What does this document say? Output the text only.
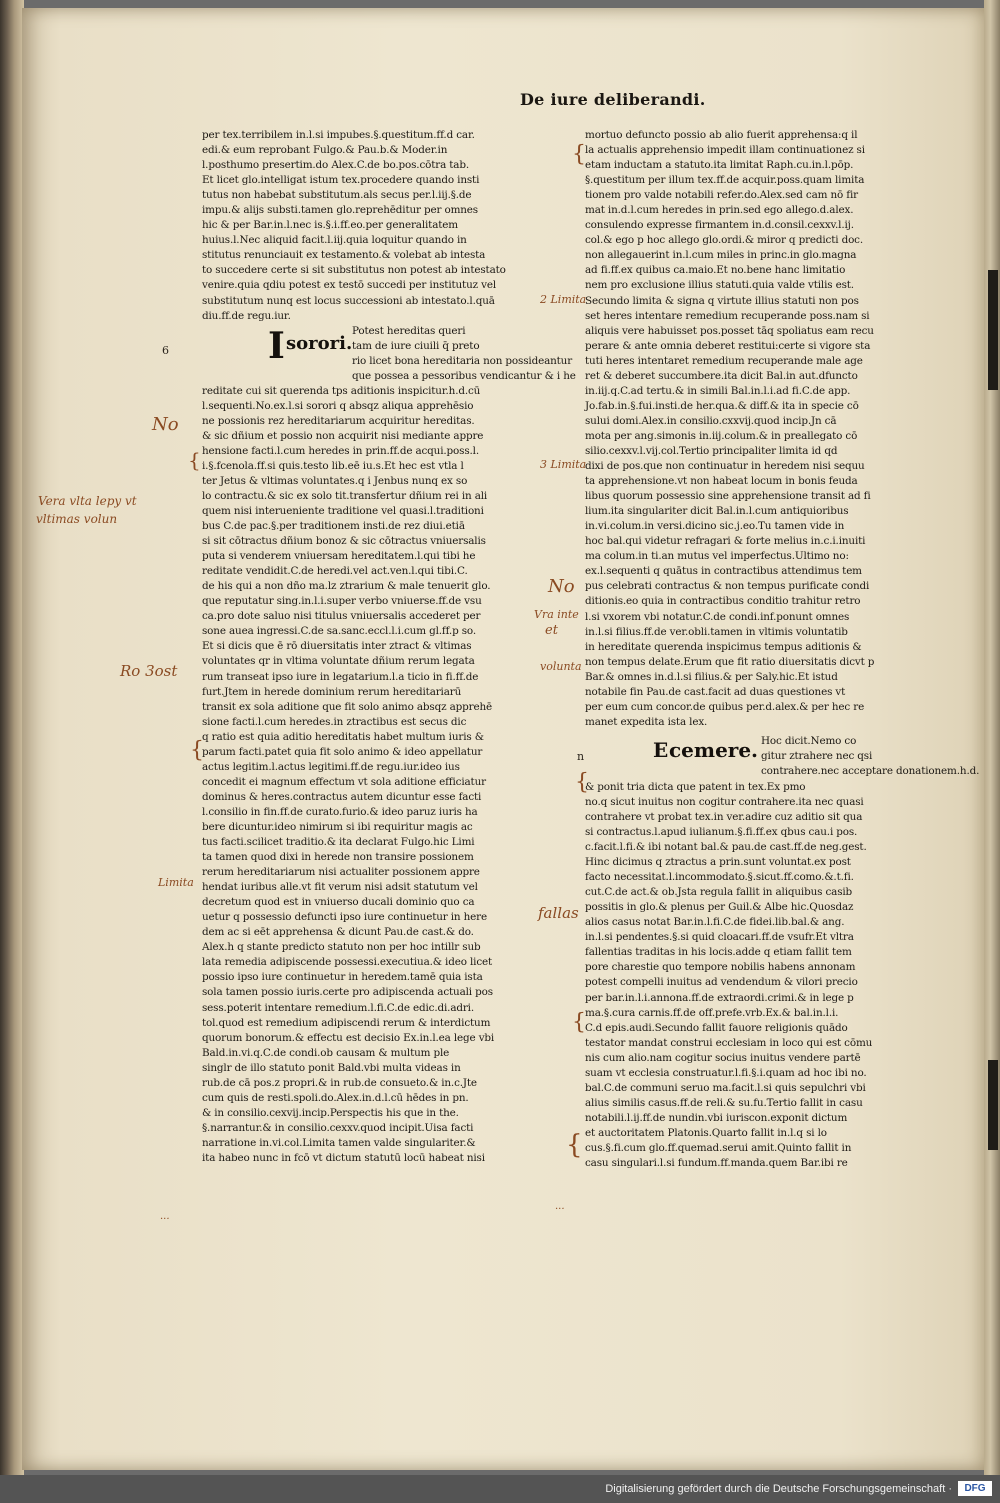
De iure deliberandi.
per tex.terribilem in.l.si impubes.§.questitum.ff.d car.
edi.& eum reprobant Fulgo.& Pau.b.& Moder.in
l.posthumo presertim.do Alex.C.de bo.pos.cōtra tab.
Et licet glo.intelligat istum tex.procedere quando insti
tutus non habebat substitutum.als secus per.l.iij.§.de
impu.& alijs substi.tamen glo.reprehēditur per omnes
hic & per Bar.in.l.nec is.§.i.ff.eo.per generalitatem
huius.l.Nec aliquid facit.l.iij.quia loquitur quando in
stitutus renunciauit ex testamento.& volebat ab intesta
to succedere certe si sit substitutus non potest ab intestato
venire.quia qdiu potest ex testō succedi per institutuz vel
substitutum nunq est locus successioni ab intestato.l.quā
diu.ff.de regu.iur.
6	I sorori.
Potest hereditas queri
tam de iure ciuili q̄ preto
rio licet bona hereditaria non possideantur
que possea a pessoribus vendicantur & i he
reditate cui sit querenda tps aditionis inspicitur.h.d.cū
l.sequenti.No.ex.l.si sorori q absqz aliqua apprehēsio
ne possionis rez hereditariarum acquiritur hereditas.
& sic dñium et possio non acquirit nisi mediante appre
hensione facti.l.cum heredes in prin.ff.de acqui.poss.l.
i.§.fcenola.ff.si quis.testo lib.eē iu.s.Et hec est vtla l
ter Jetus & vltimas voluntates.q i Jenbus nunq ex so
lo contractu.& sic ex solo tit.transfertur dñium rei in ali
quem nisi interueniente traditione vel quasi.l.traditioni
bus C.de pac.§.per traditionem insti.de rez diui.etiā
si sit cōtractus dñium bonoz & sic cōtractus vniuersalis
puta si venderem vniuersam hereditatem.l.qui tibi he
reditate vendidit.C.de heredi.vel act.ven.l.qui tibi.C.
de his qui a non dño ma.lz ztrarium & male tenuerit glo.
que reputatur sing.in.l.i.super verbo vniuerse.ff.de vsu
ca.pro dote saluo nisi titulus vniuersalis accederet per
sone auea ingressi.C.de sa.sanc.eccl.l.i.cum gl.ff.p so.
Et si dicis que ē rō diuersitatis inter ztract & vltimas
voluntates qr in vltima voluntate dñium rerum legata
rum transeat ipso iure in legatarium.l.a ticio in fi.ff.de
furt.Jtem in herede dominium rerum hereditariarū
transit ex sola aditione que fit solo animo absqz apprehē
sione facti.l.cum heredes.in ztractibus est secus dic
q ratio est quia aditio hereditatis habet multum iuris &
parum facti.patet quia fit solo animo & ideo appellatur
actus legitim.l.actus legitimi.ff.de regu.iur.ideo ius
concedit ei magnum effectum vt sola aditione efficiatur
dominus & heres.contractus autem dicuntur esse facti
l.consilio in fin.ff.de curato.furio.& ideo paruz iuris ha
bere dicuntur.ideo nimirum si ibi requiritur magis ac
tus facti.scilicet traditio.& ita declarat Fulgo.hic Limi
ta tamen quod dixi in herede non transire possionem
rerum hereditariarum nisi actualiter possionem appre
hendat iuribus alle.vt fit verum nisi adsit statutum vel
decretum quod est in vniuerso ducali dominio quo ca
uetur q possessio defuncti ipso iure continuetur in here
dem ac si eēt apprehensa & dicunt Pau.de cast.& do.
Alex.h q stante predicto statuto non per hoc intillr sub
lata remedia adipiscende possessi.executiua.& ideo licet
possio ipso iure continuetur in heredem.tamē quia ista
sola tamen possio iuris.certe pro adipiscenda actuali pos
sess.poterit intentare remedium.l.fi.C.de edic.di.adri.
tol.quod est remedium adipiscendi rerum & interdictum
quorum bonorum.& effectu est decisio Ex.in.l.ea lege vbi
Bald.in.vi.q.C.de condi.ob causam & multum ple
singlr de illo statuto ponit Bald.vbi multa videas in
rub.de cā pos.z propri.& in rub.de consueto.& in.c.Jte
cum quis de resti.spoli.do.Alex.in.d.l.cū hēdes in pn.
& in consilio.cexvij.incip.Perspectis his que in the.
§.narrantur.& in consilio.cexxv.quod incipit.Uisa facti
narratione in.vi.col.Limita tamen valde singulariter.&
ita habeo nunc in fcō vt dictum statutū locū habeat nisi
mortuo defuncto possio ab alio fuerit apprehensa:q il
la actualis apprehensio impedit illam continuationez si
etam inductam a statuto.ita limitat Raph.cu.in.l.pōp.
§.questitum per illum tex.ff.de acquir.poss.quam limita
tionem pro valde notabili refer.do.Alex.sed cam nō fir
mat in.d.l.cum heredes in prin.sed ego allego.d.alex.
consulendo expresse firmantem in.d.consil.cexxv.l.ij.
col.& ego p hoc allego glo.ordi.& miror q predicti doc.
non allegauerint in.l.cum miles in princ.in glo.magna
ad fi.ff.ex quibus ca.maio.Et no.bene hanc limitatio
nem pro exclusione illius statuti.quia valde vtilis est.
Secundo limita & signa q virtute illius statuti non pos
set heres intentare remedium recuperande poss.nam si
aliquis vere habuisset pos.posset tāq spoliatus eam recu
perare & ante omnia deberet restitui:certe si vigore sta
tuti heres intentaret remedium recuperande male age
ret & deberet succumbere.ita dicit Bal.in aut.dfuncto
in.iij.q.C.ad tertu.& in simili Bal.in.l.i.ad fi.C.de app.
Jo.fab.in.§.fui.insti.de her.qua.& diff.& ita in specie cō
sului domi.Alex.in consilio.cxxvij.quod incip.Jn cā
mota per ang.simonis in.iij.colum.& in preallegato cō
silio.cexxv.l.vij.col.Tertio principaliter limita id qd
dixi de pos.que non continuatur in heredem nisi sequu
ta apprehensione.vt non habeat locum in bonis feuda
libus quorum possessio sine apprehensione transit ad fi
lium.ita singulariter dicit Bal.in.l.cum antiquioribus
in.vi.colum.in versi.dicino sic.j.eo.Tu tamen vide in
hoc bal.qui videtur refragari & forte melius in.c.i.inuiti
ma colum.in ti.an mutus vel imperfectus.Ultimo no:
ex.l.sequenti q quātus in contractibus attendimus tem
pus celebrati contractus & non tempus purificate condi
ditionis.eo quia in contractibus conditio trahitur retro
l.si vxorem vbi notatur.C.de condi.inf.ponunt omnes
in.l.si filius.ff.de ver.obli.tamen in vltimis voluntatib
in hereditate querenda inspicimus tempus aditionis &
non tempus delate.Erum que fit ratio diuersitatis dicvt p
Bar.& omnes in.d.l.si filius.& per Saly.hic.Et istud
notabile fin Pau.de cast.facit ad duas questiones vt
per eum cum concor.de quibus per.d.alex.& per hec re
manet expedita ista lex.
n	E cemere. Hoc dicit.Nemo co
gitur ztrahere nec qsi
contrahere.nec acceptare donationem.h.d.
& ponit tria dicta que patent in tex.Ex pmo
no.q sicut inuitus non cogitur contrahere.ita nec quasi
contrahere vt probat tex.in ver.adire cuz aditio sit qua
si contractus.l.apud iulianum.§.fi.ff.ex qbus cau.i pos.
c.facit.l.fi.& ibi notant bal.& pau.de cast.ff.de neg.gest.
Hinc dicimus q ztractus a prin.sunt voluntat.ex post
facto necessitat.l.incommodato.§.sicut.ff.como.&.t.fi.
cut.C.de act.& ob.Jsta regula fallit in aliquibus casib
possitis in glo.& plenus per Guil.& Albe hic.Quosdaz
alios casus notat Bar.in.l.fi.C.de fidei.lib.bal.& ang.
in.l.si pendentes.§.si quid cloacari.ff.de vsufr.Et vltra
fallentias traditas in his locis.adde q etiam fallit tem
pore charestie quo tempore nobilis habens annonam
potest compelli inuitus ad vendendum & vilori precio
per bar.in.l.i.annona.ff.de extraordi.crimi.& in lege p
ma.§.cura carnis.ff.de off.prefe.vrb.Ex.& bal.in.l.i.
C.d epis.audi.Secundo fallit fauore religionis quādo
testator mandat construi ecclesiam in loco qui est cōmu
nis cum alio.nam cogitur socius inuitus vendere partē
suam vt ecclesia construatur.l.fi.§.i.quam ad hoc ibi no.
bal.C.de communi seruo ma.facit.l.si quis sepulchri vbi
alius similis casus.ff.de reli.& su.fu.Tertio fallit in casu
notabili.l.ij.ff.de nundin.vbi iuriscon.exponit dictum
et auctoritatem Platonis.Quarto fallit in.l.q si lo
cus.§.fi.cum glo.ff.quemad.serui amit.Quinto fallit in
casu singulari.l.si fundum.ff.manda.quem Bar.ibi re
No
{
Vera vlta lepy vt
vltimas volun
Ro 3ost
{
Limita
...
{
2 Limita
3 Limita
No
Vra inte
et
volunta
{
fallas
{
{
...
Digitalisierung gefördert durch die Deutsche Forschungsgemeinschaft ·	DFG
